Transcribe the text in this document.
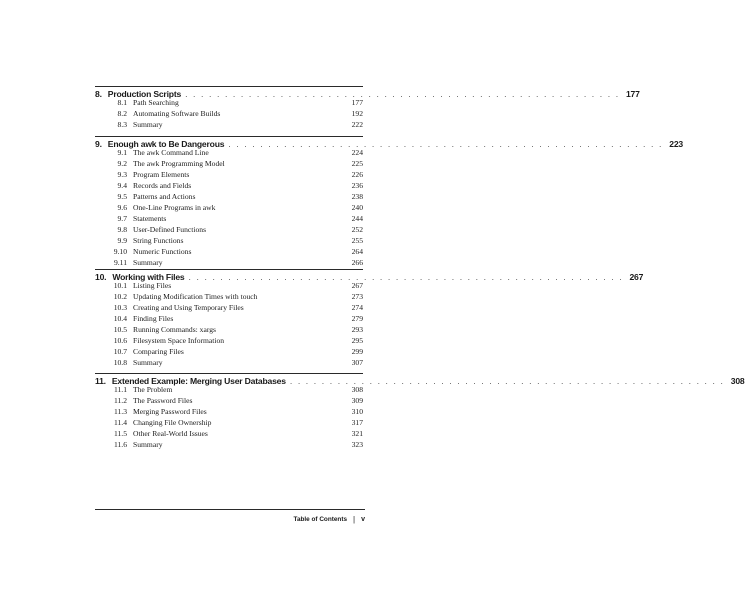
8. Production Scripts . . . . . . . . . . . . . . . . . . . . . . . . . . . . . . . . . . . . . . . . . . . . . . . . . . . . . . . 177
8.1 Path Searching	177
8.2 Automating Software Builds	192
8.3 Summary	222
9. Enough awk to Be Dangerous . . . . . . . . . . . . . . . . . . . . . . . . . . . . . . . . . . . . . . . . . . . . . . . . . . . . . . . 223
9.1 The awk Command Line	224
9.2 The awk Programming Model	225
9.3 Program Elements	226
9.4 Records and Fields	236
9.5 Patterns and Actions	238
9.6 One-Line Programs in awk	240
9.7 Statements	244
9.8 User-Defined Functions	252
9.9 String Functions	255
9.10 Numeric Functions	264
9.11 Summary	266
10. Working with Files . . . . . . . . . . . . . . . . . . . . . . . . . . . . . . . . . . . . . . . . . . . . . . . . . . . . . . . 267
10.1 Listing Files	267
10.2 Updating Modification Times with touch	273
10.3 Creating and Using Temporary Files	274
10.4 Finding Files	279
10.5 Running Commands: xargs	293
10.6 Filesystem Space Information	295
10.7 Comparing Files	299
10.8 Summary	307
11. Extended Example: Merging User Databases . . . . . . . . . . . . . . . . . . . . . . . . . . . . . . . . . . . . . . . . . . . . . . . . . . . . . . . 308
11.1 The Problem	308
11.2 The Password Files	309
11.3 Merging Password Files	310
11.4 Changing File Ownership	317
11.5 Other Real-World Issues	321
11.6 Summary	323
Table of Contents | v
